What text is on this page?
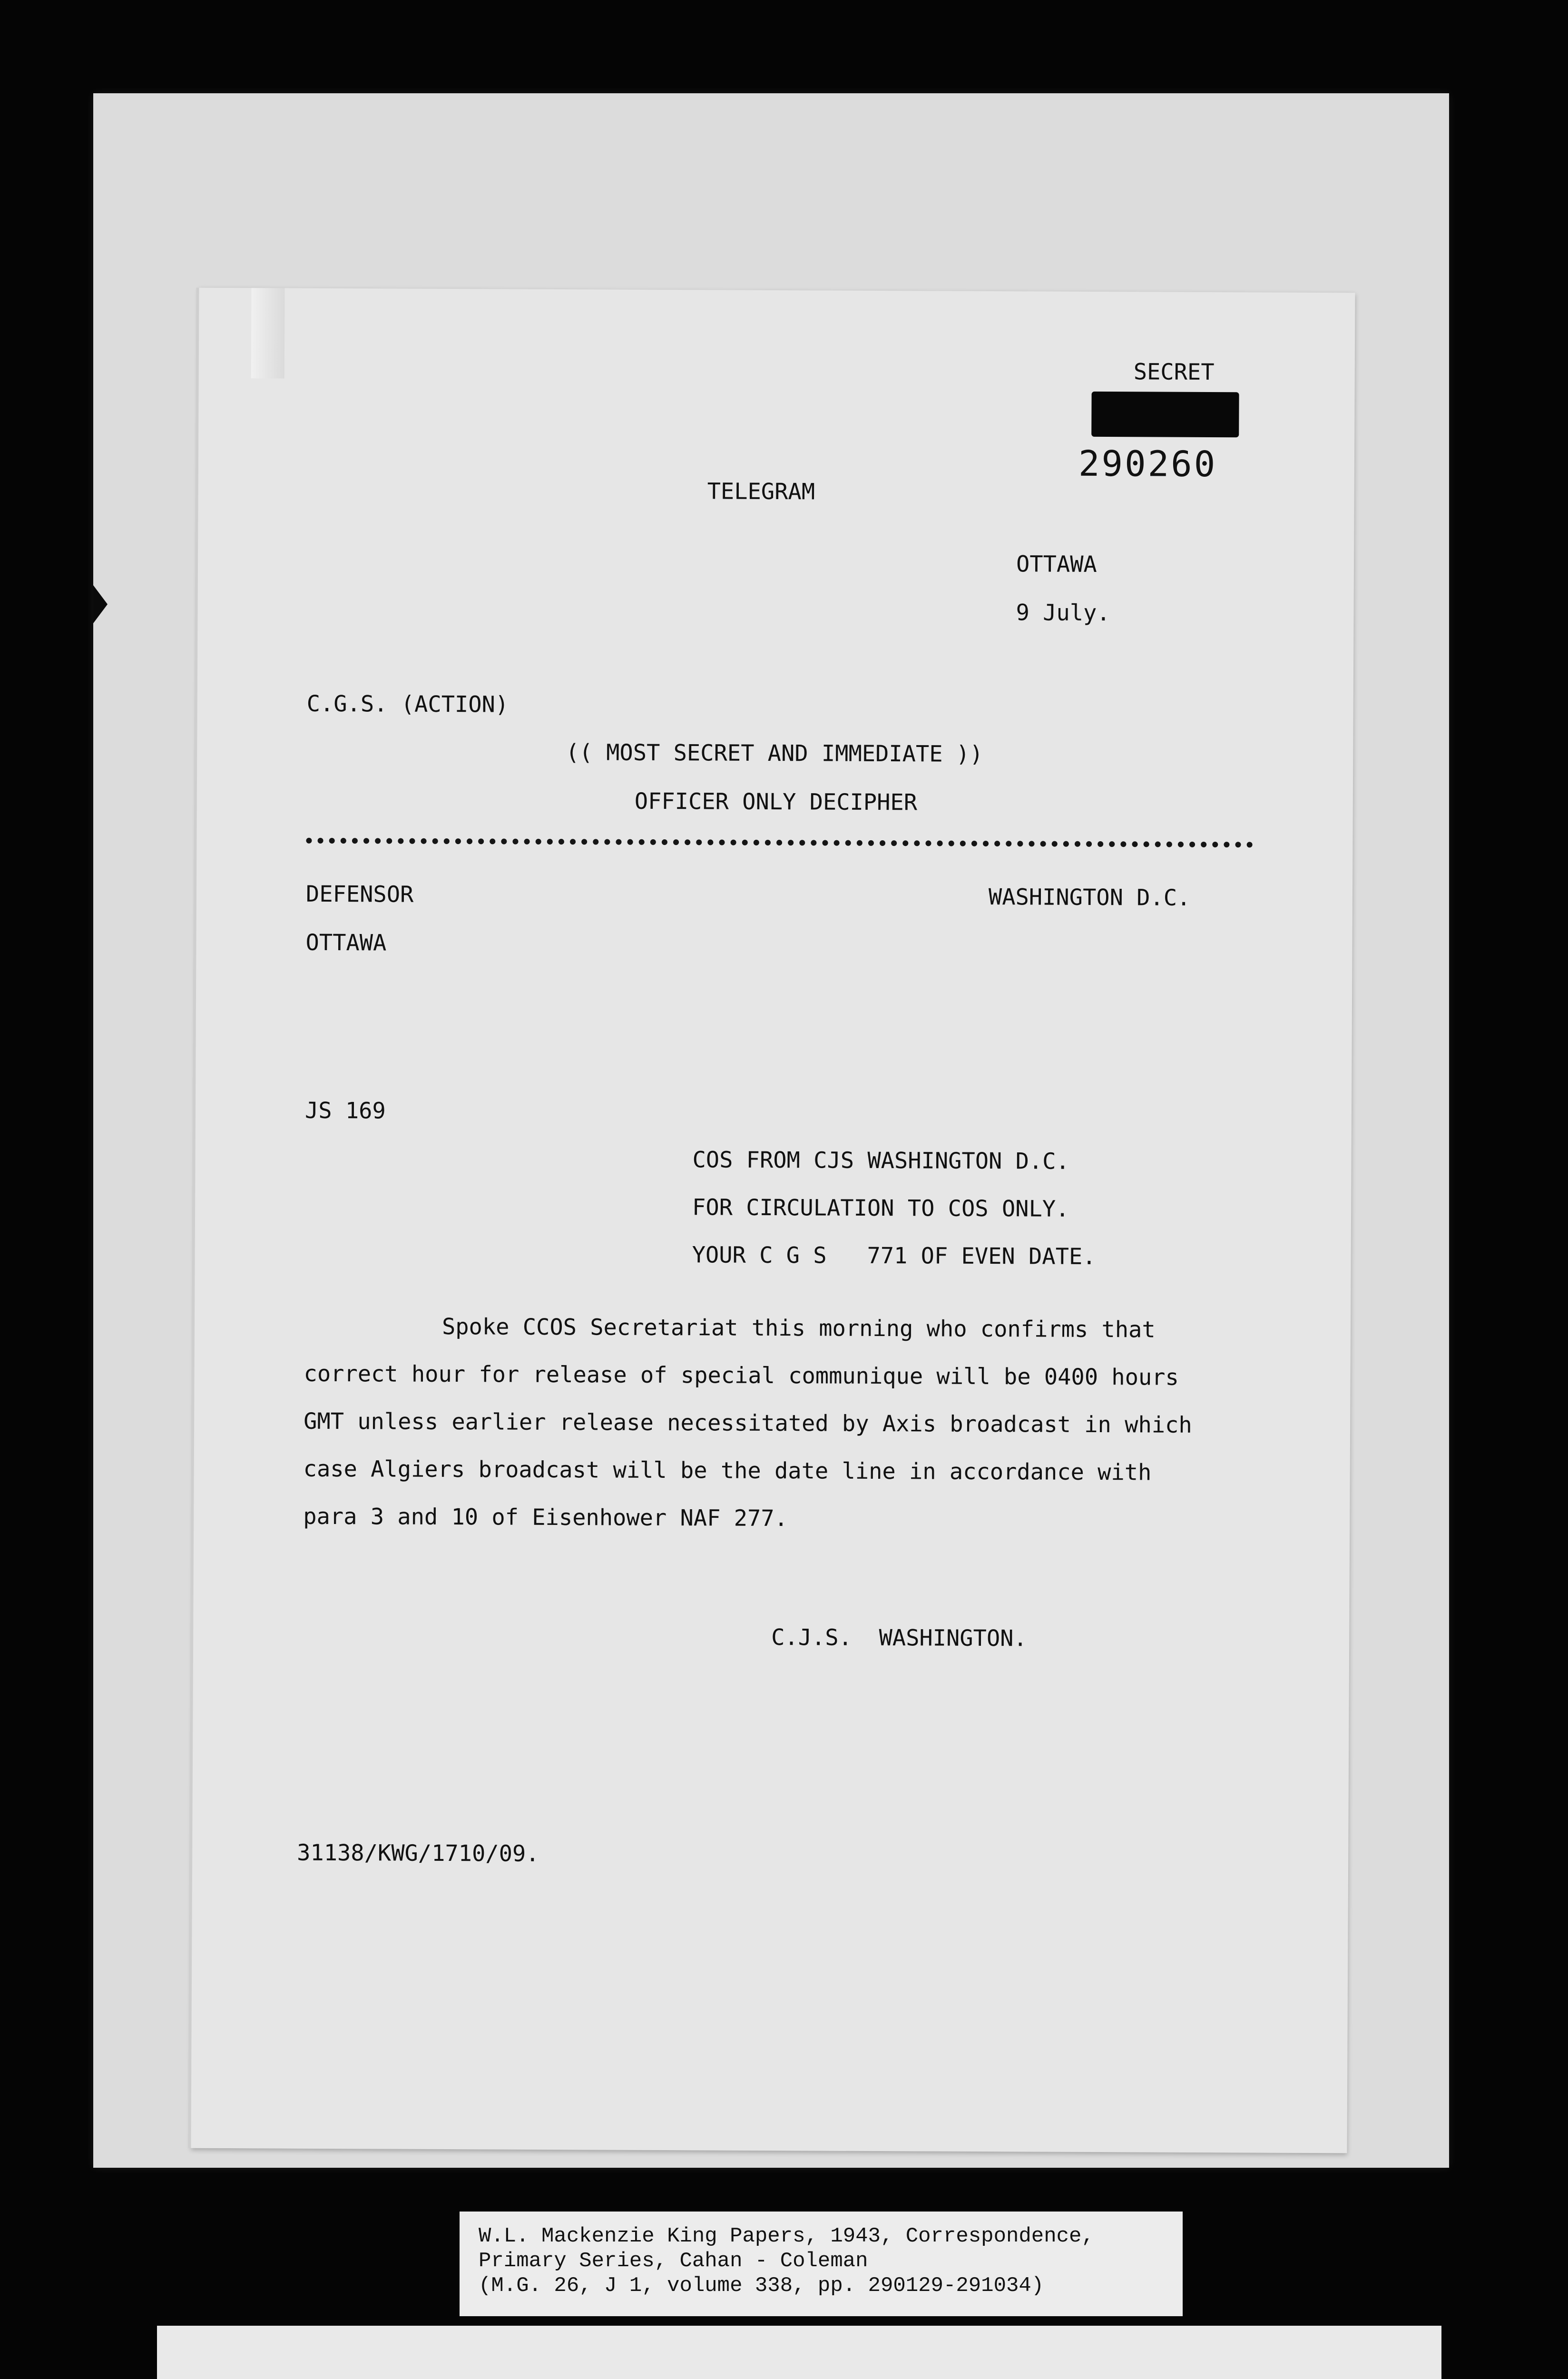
SECRET
290260
TELEGRAM
OTTAWA
9 July.
C.G.S. (ACTION)
(( MOST SECRET AND IMMEDIATE ))
OFFICER ONLY DECIPHER
DEFENSOR	WASHINGTON D.C.
OTTAWA
JS 169
COS FROM CJS WASHINGTON D.C.
FOR CIRCULATION TO COS ONLY.
YOUR C G S   771 OF EVEN DATE.
Spoke CCOS Secretariat this morning who confirms that
correct hour for release of special communique will be 0400 hours
GMT unless earlier release necessitated by Axis broadcast in which
case Algiers broadcast will be the date line in accordance with
para 3 and 10 of Eisenhower NAF 277.
C.J.S.  WASHINGTON.
31138/KWG/1710/09.
W.L. Mackenzie King Papers, 1943, Correspondence,
Primary Series, Cahan - Coleman
(M.G. 26, J 1, volume 338, pp. 290129-291034)
